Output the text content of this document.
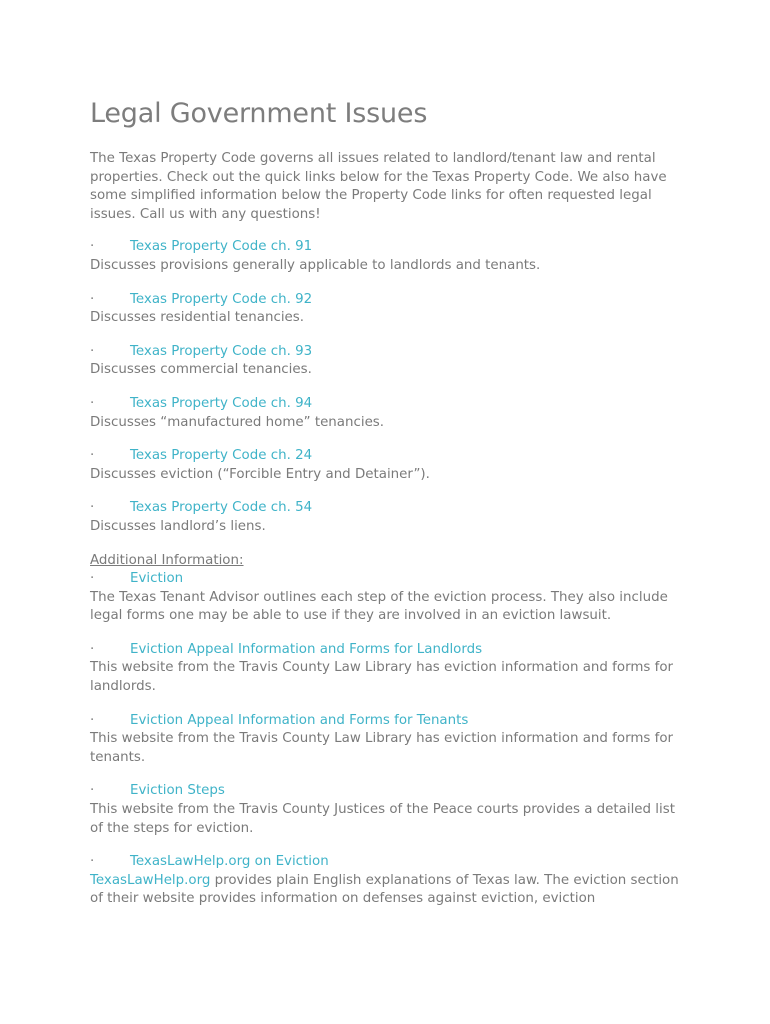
Legal Government Issues

The Texas Property Code governs all issues related to landlord/tenant law and rental properties. Check out the quick links below for the Texas Property Code. We also have some simplified information below the Property Code links for often requested legal issues. Call us with any questions!

·	Texas Property Code ch. 91
Discusses provisions generally applicable to landlords and tenants.
·	Texas Property Code ch. 92
Discusses residential tenancies.
·	Texas Property Code ch. 93
Discusses commercial tenancies.
·	Texas Property Code ch. 94
Discusses “manufactured home” tenancies.
·	Texas Property Code ch. 24
Discusses eviction (“Forcible Entry and Detainer”).
·	Texas Property Code ch. 54
Discusses landlord’s liens.
Additional Information:
·	Eviction
The Texas Tenant Advisor outlines each step of the eviction process. They also include legal forms one may be able to use if they are involved in an eviction lawsuit.
·	Eviction Appeal Information and Forms for Landlords
This website from the Travis County Law Library has eviction information and forms for landlords.
·	Eviction Appeal Information and Forms for Tenants
This website from the Travis County Law Library has eviction information and forms for tenants.
·	Eviction Steps
This website from the Travis County Justices of the Peace courts provides a detailed list of the steps for eviction.
·	TexasLawHelp.org on Eviction
TexasLawHelp.org provides plain English explanations of Texas law. The eviction section of their website provides information on defenses against eviction, eviction
